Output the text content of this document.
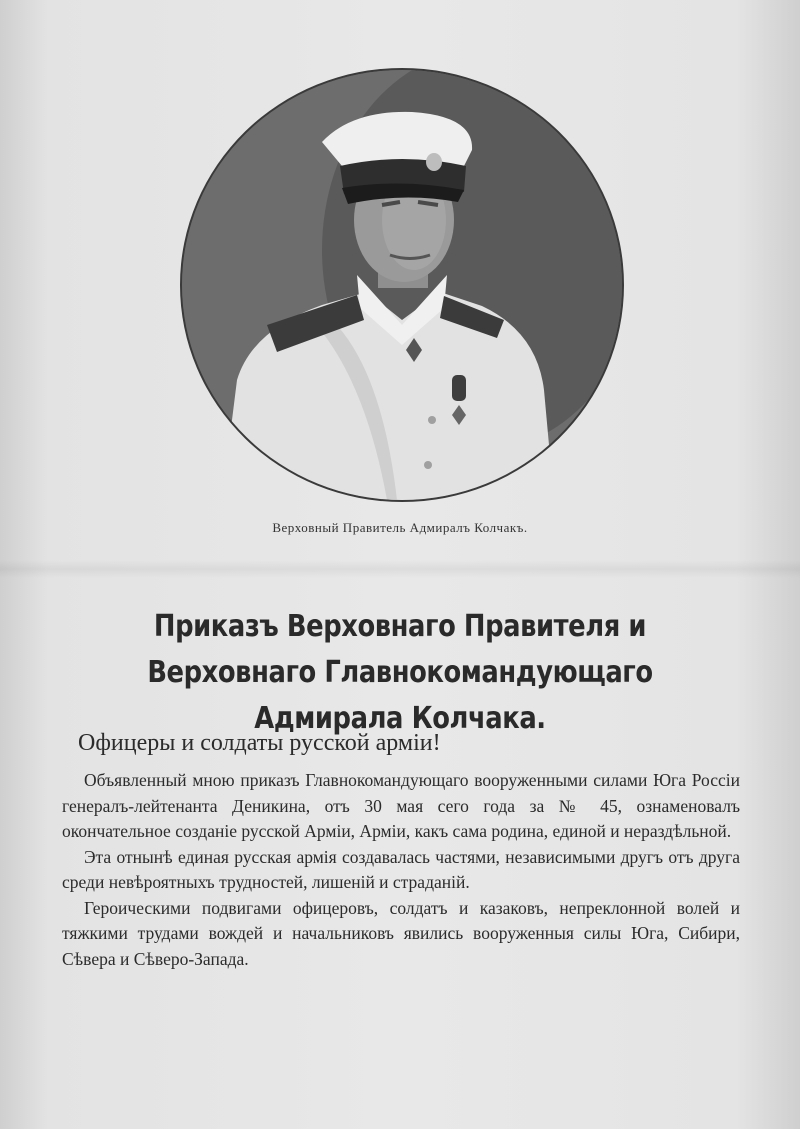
Верховный Правитель Адмиралъ Колчакъ.
Приказъ Верховнаго Правителя и Верховнаго Главнокомандующаго Адмирала Колчака.
Офицеры и солдаты русской армiи!

Объявленный мною приказъ Главнокомандующаго вооруженными силами Юга Россiи генералъ-лейтенанта Деникина, отъ 30 мая сего года за № 45, ознаменовалъ окончательное созданiе русской Армiи, Армiи, какъ сама родина, единой и нераздѣльной.

Эта отнынѣ единая русская армiя создавалась частями, независимыми другъ отъ друга среди невѣроятныхъ трудностей, лишенiй и страданiй.

Героическими подвигами офицеровъ, солдатъ и казаковъ, непреклонной волей и тяжкими трудами вождей и начальниковъ явились вооруженныя силы Юга, Сибири, Сѣвера и Сѣверо-Запада.
